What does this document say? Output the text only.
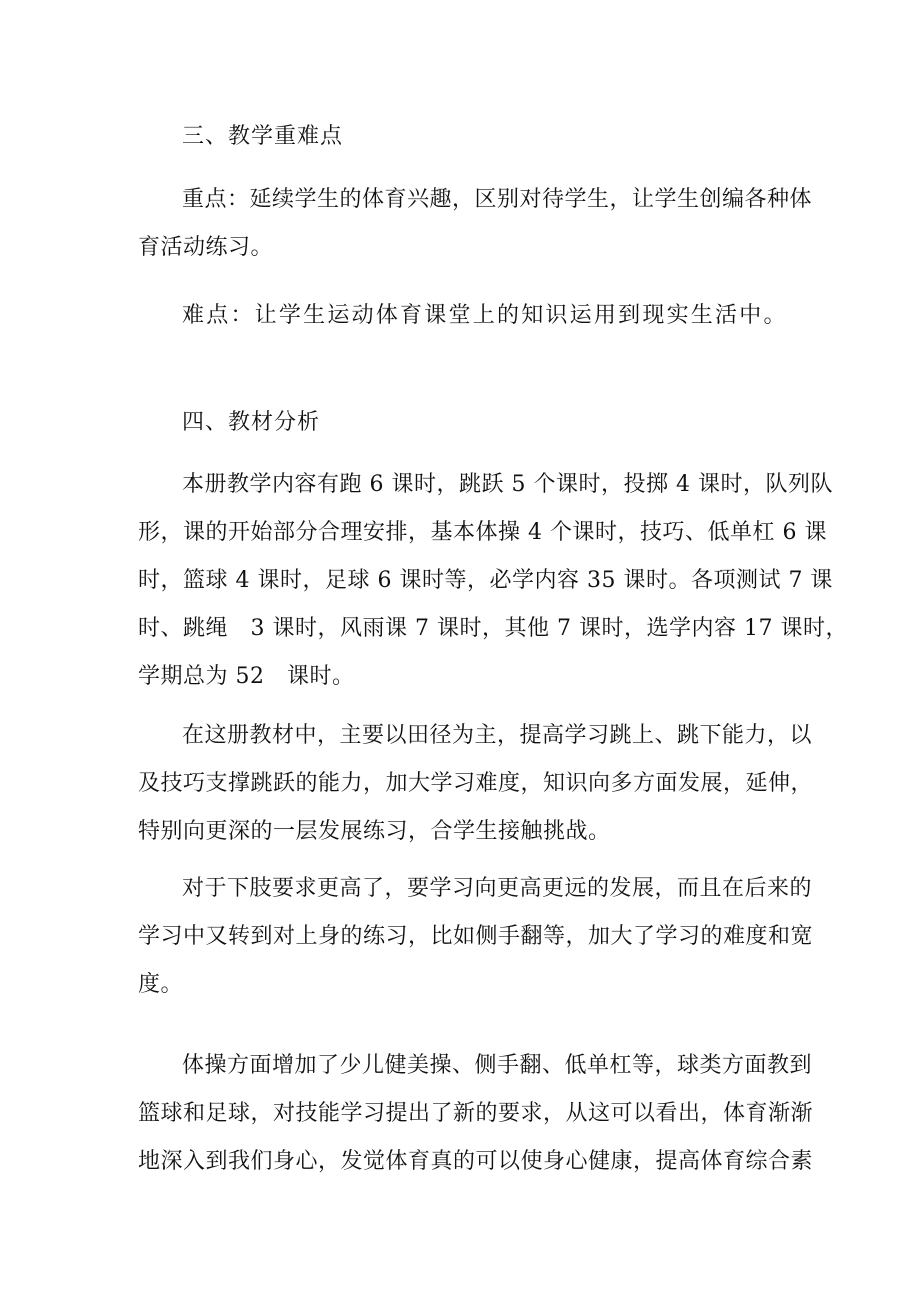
三、教学重难点
重点：延续学生的体育兴趣，区别对待学生，让学生创编各种体
育活动练习。
难点：让学生运动体育课堂上的知识运用到现实生活中。
四、教材分析
本册教学内容有跑 6 课时，跳跃 5 个课时，投掷 4 课时，队列队
形，课的开始部分合理安排，基本体操 4 个课时，技巧、低单杠 6 课
时，篮球 4 课时，足球 6 课时等，必学内容 35 课时。各项测试 7 课
时、跳绳　3 课时，风雨课 7 课时，其他 7 课时，选学内容 17 课时，
学期总为 52　课时。
在这册教材中，主要以田径为主，提高学习跳上、跳下能力，以
及技巧支撑跳跃的能力，加大学习难度，知识向多方面发展，延伸，
特别向更深的一层发展练习，合学生接触挑战。
对于下肢要求更高了，要学习向更高更远的发展，而且在后来的
学习中又转到对上身的练习，比如侧手翻等，加大了学习的难度和宽
度。
体操方面增加了少儿健美操、侧手翻、低单杠等，球类方面教到
篮球和足球，对技能学习提出了新的要求，从这可以看出，体育渐渐
地深入到我们身心，发觉体育真的可以使身心健康，提高体育综合素
